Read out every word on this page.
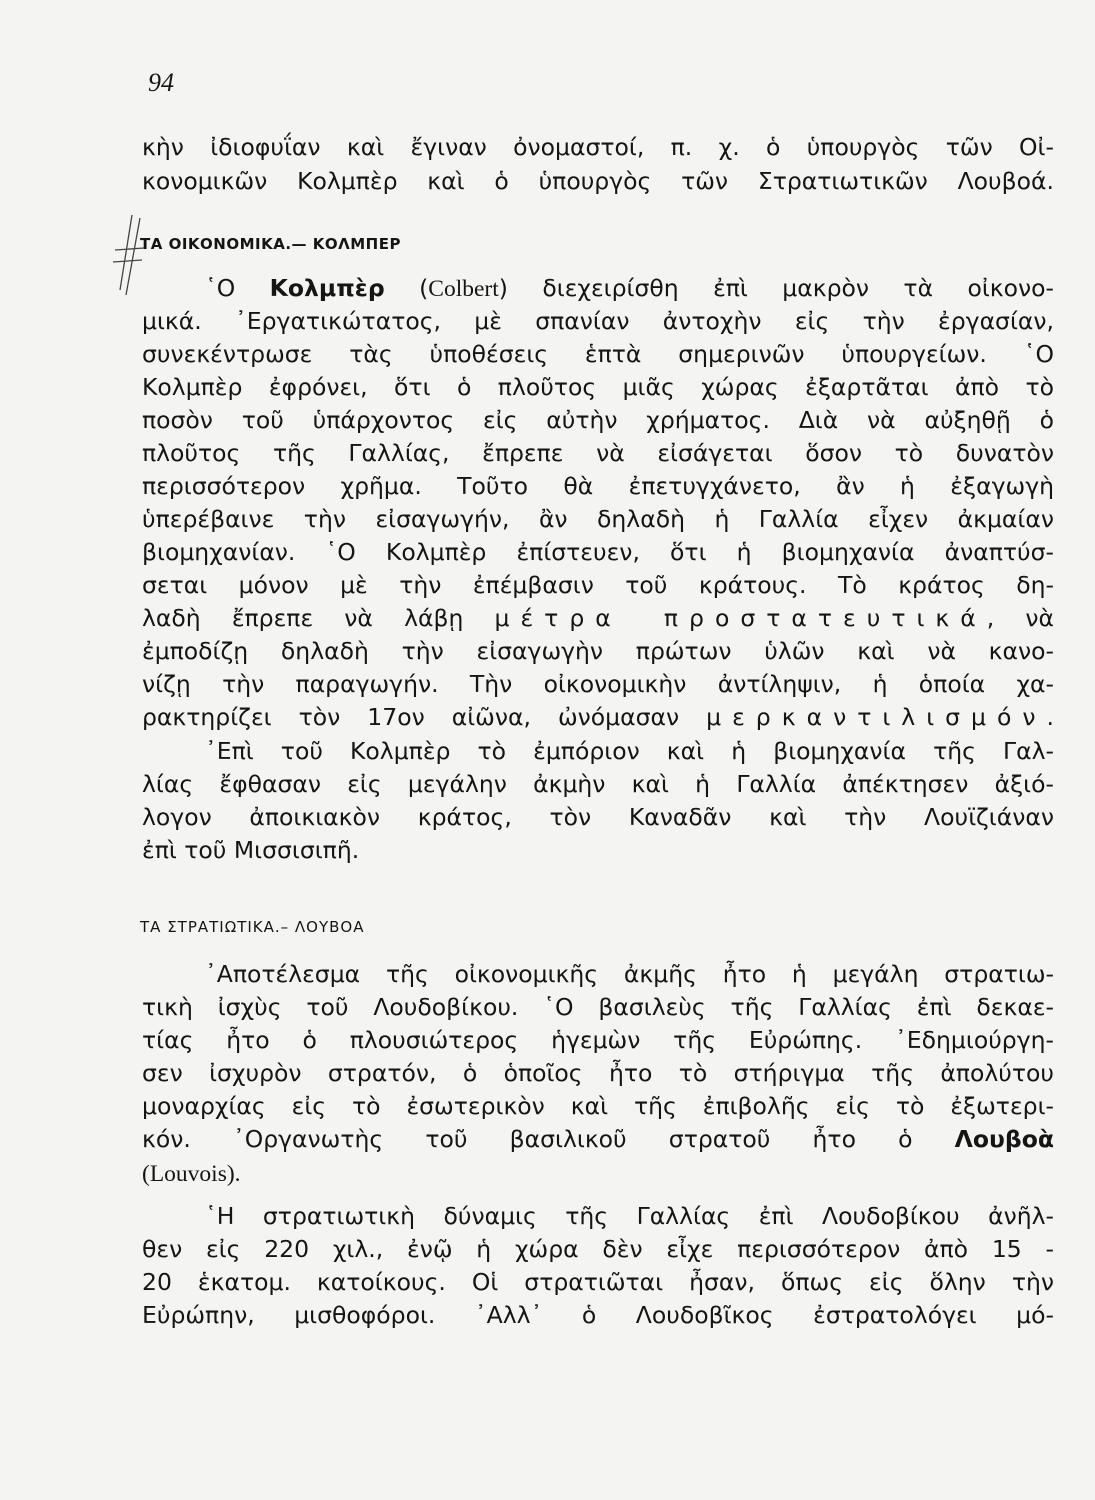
94
κὴν ἰδιοφυΐαν καὶ ἔγιναν ὀνομαστοί, π. χ. ὁ ὑπουργὸς τῶν Οἰ-
κονομικῶν Κολμπὲρ καὶ ὁ ὑπουργὸς τῶν Στρατιωτικῶν Λουβοά.
ΤΑ ΟΙΚΟΝΟΜΙΚΑ.— ΚΟΛΜΠΕΡ
῾Ο Κολμπὲρ (Colbert) διεχειρίσθη ἐπὶ μακρὸν τὰ οἰκονο-
μικά. ᾽Εργατικώτατος, μὲ σπανίαν ἀντοχὴν εἰς τὴν ἐργασίαν,
συνεκέντρωσε τὰς ὑποθέσεις ἑπτὰ σημερινῶν ὑπουργείων. ῾Ο
Κολμπὲρ ἐφρόνει, ὅτι ὁ πλοῦτος μιᾶς χώρας ἐξαρτᾶται ἀπὸ τὸ
ποσὸν τοῦ ὑπάρχοντος εἰς αὐτὴν χρήματος. Διὰ νὰ αὐξηθῇ ὁ
πλοῦτος τῆς Γαλλίας, ἔπρεπε νὰ εἰσάγεται ὅσον τὸ δυνατὸν
περισσότερον χρῆμα. Τοῦτο θὰ ἐπετυγχάνετο, ἂν ἡ ἐξαγωγὴ
ὑπερέβαινε τὴν εἰσαγωγήν, ἂν δηλαδὴ ἡ Γαλλία εἶχεν ἀκμαίαν
βιομηχανίαν. ῾Ο Κολμπὲρ ἐπίστευεν, ὅτι ἡ βιομηχανία ἀναπτύσ-
σεται μόνον μὲ τὴν ἐπέμβασιν τοῦ κράτους. Τὸ κράτος δη-
λαδὴ ἔπρεπε νὰ λάβῃ μέτρα προστατευτικά, νὰ
ἐμποδίζῃ δηλαδὴ τὴν εἰσαγωγὴν πρώτων ὑλῶν καὶ νὰ κανο-
νίζῃ τὴν παραγωγήν. Τὴν οἰκονομικὴν ἀντίληψιν, ἡ ὁποία χα-
ρακτηρίζει τὸν 17ον αἰῶνα, ὠνόμασαν μερκαντιλισμόν.
᾽Επὶ τοῦ Κολμπὲρ τὸ ἐμπόριον καὶ ἡ βιομηχανία τῆς Γαλ-
λίας ἔφθασαν εἰς μεγάλην ἀκμὴν καὶ ἡ Γαλλία ἀπέκτησεν ἀξιό-
λογον ἀποικιακὸν κράτος, τὸν Καναδᾶν καὶ τὴν Λουϊζιάναν
ἐπὶ τοῦ Μισσισιπῆ.
ΤΑ ΣΤΡΑΤΙΩΤΙΚΑ.– ΛΟΥΒΟΑ
᾽Αποτέλεσμα τῆς οἰκονομικῆς ἀκμῆς ἦτο ἡ μεγάλη στρατιω-
τικὴ ἰσχὺς τοῦ Λουδοβίκου. ῾Ο βασιλεὺς τῆς Γαλλίας ἐπὶ δεκαε-
τίας ἦτο ὁ πλουσιώτερος ἡγεμὼν τῆς Εὐρώπης. ᾽Εδημιούργη-
σεν ἰσχυρὸν στρατόν, ὁ ὁποῖος ἦτο τὸ στήριγμα τῆς ἀπολύτου
μοναρχίας εἰς τὸ ἐσωτερικὸν καὶ τῆς ἐπιβολῆς εἰς τὸ ἐξωτερι-
κόν. ᾽Οργανωτὴς τοῦ βασιλικοῦ στρατοῦ ἦτο ὁ Λουβοὰ
(Louvois).
῾Η στρατιωτικὴ δύναμις τῆς Γαλλίας ἐπὶ Λουδοβίκου ἀνῆλ-
θεν εἰς 220 χιλ., ἐνῷ ἡ χώρα δὲν εἶχε περισσότερον ἀπὸ 15 -
20 ἑκατομ. κατοίκους. Οἱ στρατιῶται ἦσαν, ὅπως εἰς ὅλην τὴν
Εὐρώπην, μισθοφόροι. ᾽Αλλ᾽ ὁ Λουδοβῖκος ἐστρατολόγει μό-
